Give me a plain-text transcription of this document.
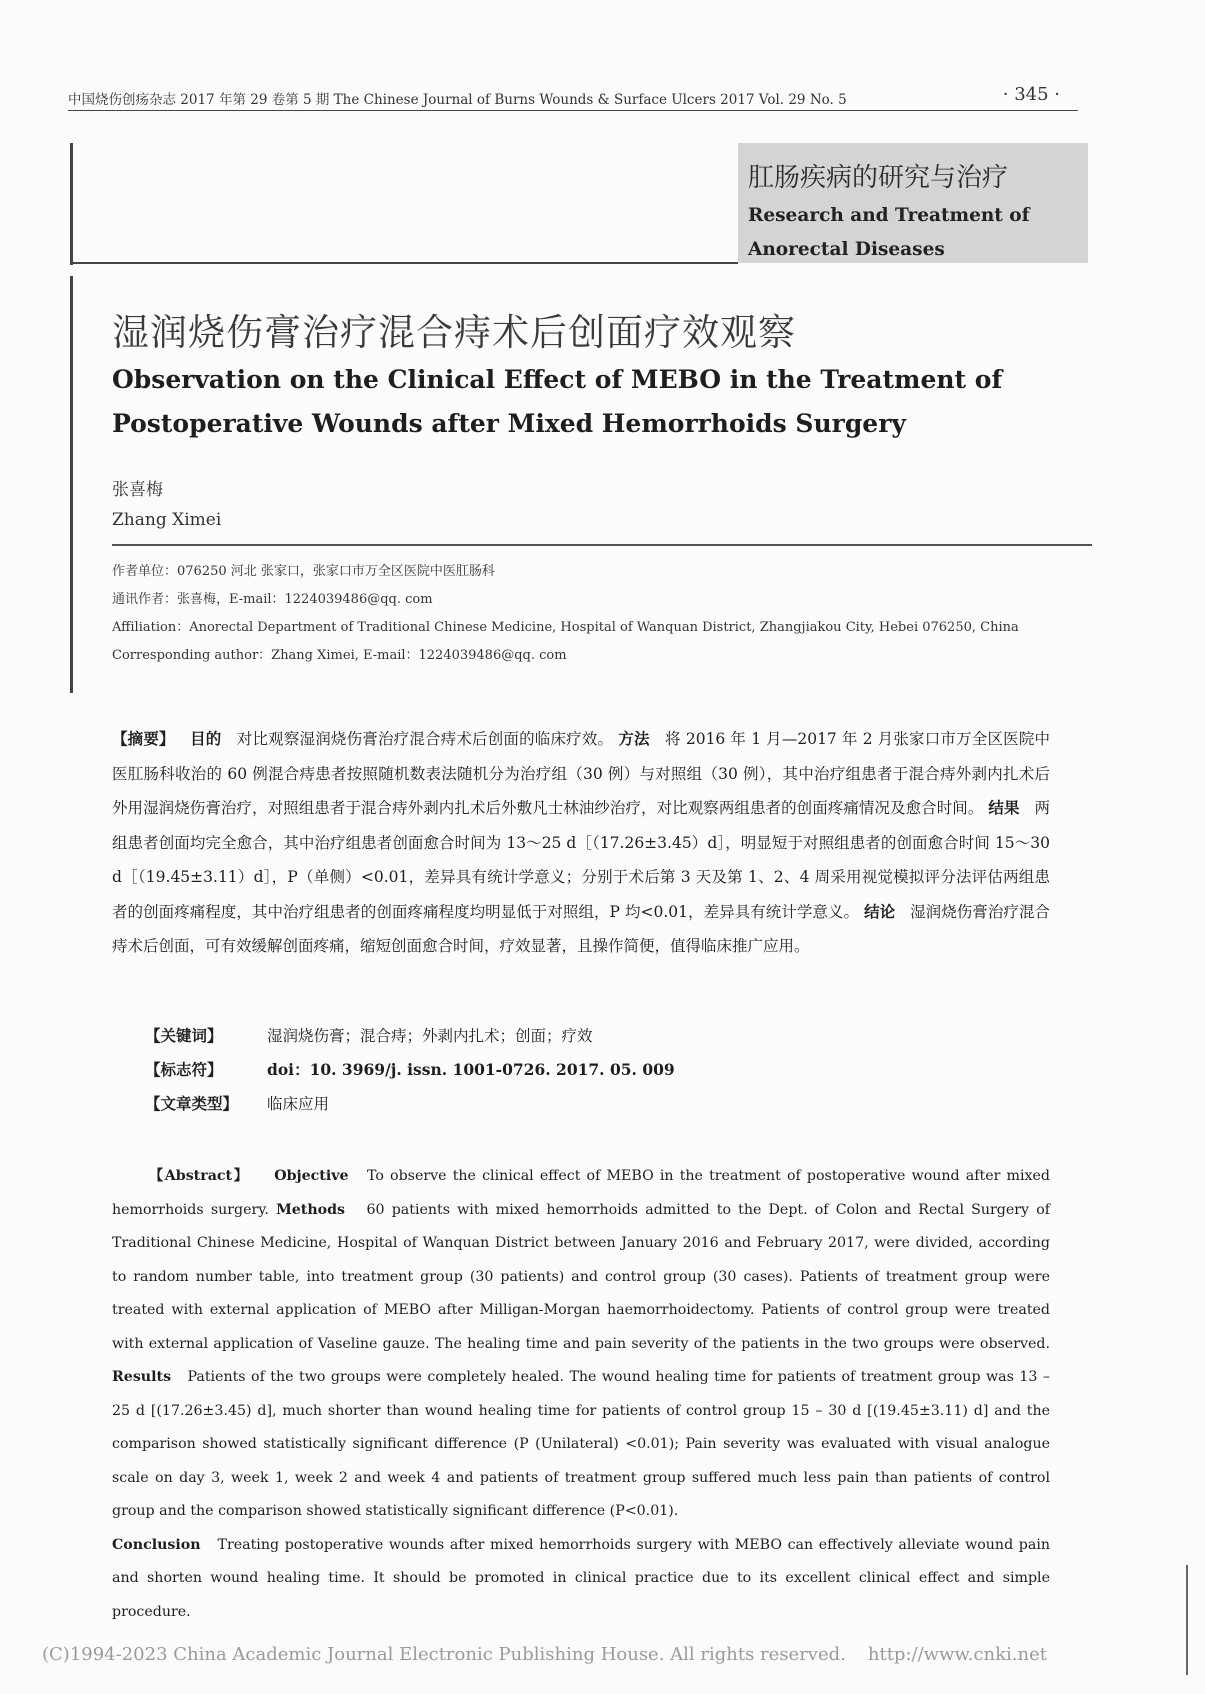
中国烧伤创疡杂志 2017 年第 29 卷第 5 期 The Chinese Journal of Burns Wounds & Surface Ulcers 2017 Vol. 29 No. 5	· 345 ·
肛肠疾病的研究与治疗
Research and Treatment of
Anorectal Diseases
湿润烧伤膏治疗混合痔术后创面疗效观察
Observation on the Clinical Effect of MEBO in the Treatment of
Postoperative Wounds after Mixed Hemorrhoids Surgery
张喜梅
Zhang Ximei
作者单位：076250 河北 张家口，张家口市万全区医院中医肛肠科
通讯作者：张喜梅，E-mail：1224039486@qq. com
Affiliation：Anorectal Department of Traditional Chinese Medicine, Hospital of Wanquan District, Zhangjiakou City, Hebei 076250, China
Corresponding author：Zhang Ximei, E-mail：1224039486@qq. com
【摘要】 目的 对比观察湿润烧伤膏治疗混合痔术后创面的临床疗效。 方法 将 2016 年 1 月—2017 年 2 月张家口市万全区医院中医肛肠科收治的 60 例混合痔患者按照随机数表法随机分为治疗组（30 例）与对照组（30 例），其中治疗组患者于混合痔外剥内扎术后外用湿润烧伤膏治疗，对照组患者于混合痔外剥内扎术后外敷凡士林油纱治疗，对比观察两组患者的创面疼痛情况及愈合时间。 结果 两组患者创面均完全愈合，其中治疗组患者创面愈合时间为 13～25 d［（17.26±3.45）d］，明显短于对照组患者的创面愈合时间 15～30 d［（19.45±3.11）d］，P（单侧）<0.01，差异具有统计学意义；分别于术后第 3 天及第 1、2、4 周采用视觉模拟评分法评估两组患者的创面疼痛程度，其中治疗组患者的创面疼痛程度均明显低于对照组，P 均<0.01，差异具有统计学意义。 结论 湿润烧伤膏治疗混合痔术后创面，可有效缓解创面疼痛，缩短创面愈合时间，疗效显著，且操作简便，值得临床推广应用。
【关键词】	湿润烧伤膏；混合痔；外剥内扎术；创面；疗效
【标志符】	doi：10. 3969/j. issn. 1001-0726. 2017. 05. 009
【文章类型】 临床应用
【Abstract】 Objective To observe the clinical effect of MEBO in the treatment of postoperative wound after mixed hemorrhoids surgery. Methods 60 patients with mixed hemorrhoids admitted to the Dept. of Colon and Rectal Surgery of Traditional Chinese Medicine, Hospital of Wanquan District between January 2016 and February 2017, were divided, according to random number table, into treatment group (30 patients) and control group (30 cases). Patients of treatment group were treated with external application of MEBO after Milligan-Morgan haemorrhoidectomy. Patients of control group were treated with external application of Vaseline gauze. The healing time and pain severity of the patients in the two groups were observed. Results Patients of the two groups were completely healed. The wound healing time for patients of treatment group was 13 – 25 d [(17.26±3.45) d], much shorter than wound healing time for patients of control group 15 – 30 d [(19.45±3.11) d] and the comparison showed statistically significant difference (P (Unilateral) <0.01); Pain severity was evaluated with visual analogue scale on day 3, week 1, week 2 and week 4 and patients of treatment group suffered much less pain than patients of control group and the comparison showed statistically significant difference (P<0.01).
Conclusion Treating postoperative wounds after mixed hemorrhoids surgery with MEBO can effectively alleviate wound pain and shorten wound healing time. It should be promoted in clinical practice due to its excellent clinical effect and simple procedure.
(C)1994-2023 China Academic Journal Electronic Publishing House. All rights reserved. http://www.cnki.net
